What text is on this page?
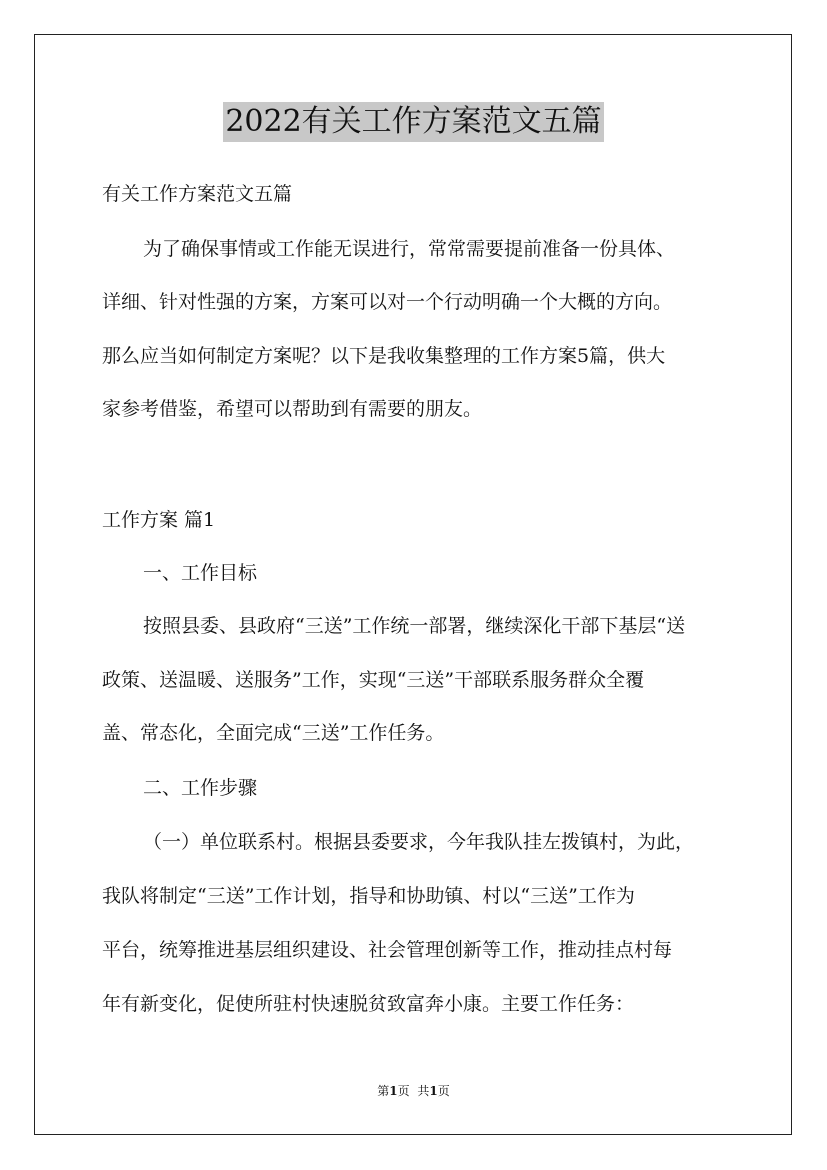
2022有关工作方案范文五篇
有关工作方案范文五篇
为了确保事情或工作能无误进行，常常需要提前准备一份具体、
详细、针对性强的方案，方案可以对一个行动明确一个大概的方向。
那么应当如何制定方案呢？以下是我收集整理的工作方案5篇，供大
家参考借鉴，希望可以帮助到有需要的朋友。
工作方案 篇1
一、工作目标
按照县委、县政府“三送”工作统一部署，继续深化干部下基层“送
政策、送温暖、送服务”工作，实现“三送”干部联系服务群众全覆
盖、常态化，全面完成“三送”工作任务。
二、工作步骤
（一）单位联系村。根据县委要求，今年我队挂左拨镇村，为此，
我队将制定“三送”工作计划，指导和协助镇、村以“三送”工作为
平台，统筹推进基层组织建设、社会管理创新等工作，推动挂点村每
年有新变化，促使所驻村快速脱贫致富奔小康。主要工作任务：
第1页 共1页
